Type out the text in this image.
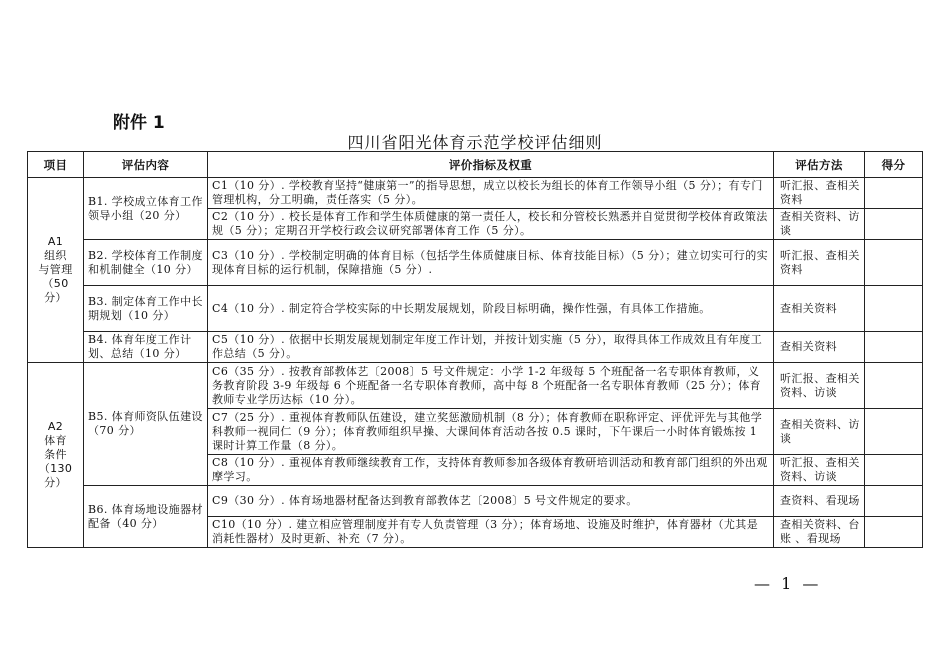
附件 1
四川省阳光体育示范学校评估细则
项目	评估内容	评价指标及权重	评估方法	得分

A1
组织
与管理
（50 分）	B1. 学校成立体育工作领导小组（20 分）	C1（10 分）. 学校教育坚持“健康第一”的指导思想，成立以校长为组长的体育工作领导小组（5 分）；有专门管理机构，分工明确，责任落实（5 分）。	听汇报、查相关资料	
		C2（10 分）. 校长是体育工作和学生体质健康的第一责任人，校长和分管校长熟悉并自觉贯彻学校体育政策法规（5 分）；定期召开学校行政会议研究部署体育工作（5 分）。	查相关资料、访谈	
	B2. 学校体育工作制度和机制健全（10 分）	C3（10 分）. 学校制定明确的体育目标（包括学生体质健康目标、体育技能目标）（5 分）；建立切实可行的实现体育目标的运行机制，保障措施（5 分）.	听汇报、查相关资料	
	B3. 制定体育工作中长期规划（10 分）	C4（10 分）. 制定符合学校实际的中长期发展规划，阶段目标明确，操作性强，有具体工作措施。	查相关资料	
	B4. 体育年度工作计划、总结（10 分）	C5（10 分）. 依据中长期发展规划制定年度工作计划，并按计划实施（5 分），取得具体工作成效且有年度工作总结（5 分）。	查相关资料	

A2
体育
条件
（130 分）	B5. 体育师资队伍建设（70 分）	C6（35 分）. 按教育部教体艺〔2008〕5 号文件规定：小学 1-2 年级每 5 个班配备一名专职体育教师，义务教育阶段 3-9 年级每 6 个班配备一名专职体育教师，高中每 8 个班配备一名专职体育教师（25 分）；体育教师专业学历达标（10 分）。	听汇报、查相关资料、访谈	
		C7（25 分）. 重视体育教师队伍建设，建立奖惩激励机制（8 分）；体育教师在职称评定、评优评先与其他学科教师一视同仁（9 分）；体育教师组织早操、大课间体育活动各按 0.5 课时，下午课后一小时体育锻炼按 1 课时计算工作量（8 分）。	查相关资料、访谈	
		C8（10 分）. 重视体育教师继续教育工作，支持体育教师参加各级体育教研培训活动和教育部门组织的外出观摩学习。	听汇报、查相关资料、访谈	
	B6. 体育场地设施器材配备（40 分）	C9（30 分）. 体育场地器材配备达到教育部教体艺〔2008〕5 号文件规定的要求。	查资料、看现场	
		C10（10 分）. 建立相应管理制度并有专人负责管理（3 分）；体育场地、设施及时维护，体育器材（尤其是消耗性器材）及时更新、补充（7 分）。	查相关资料、台账 、看现场	
— 1 —
